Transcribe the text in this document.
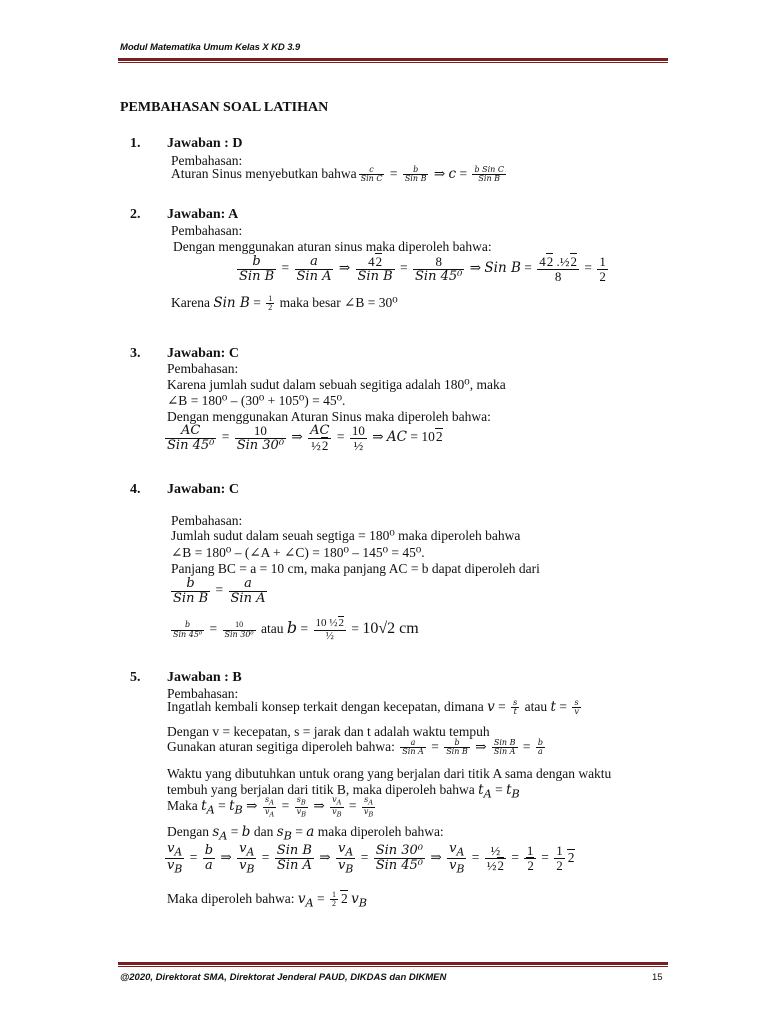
Modul Matematika Umum Kelas X KD 3.9
PEMBAHASAN SOAL LATIHAN
1. Jawaban : D
Pembahasan:
Aturan Sinus menyebutkan bahwa $\frac{c}{\text{Sin C}} = \frac{b}{\text{Sin B}}$ ⇒ $c = \frac{\text{b Sin C}}{\text{Sin B}}$
2. Jawaban: A
Pembahasan:
Dengan menggunakan aturan sinus maka diperoleh bahwa:
$\frac{b}{\text{Sin B}} = \frac{a}{\text{Sin A}}$ ⇒ $\frac{42}{\text{Sin B}} = \frac{8}{\text{Sin 45⁰}}$ ⇒ Sin $B = \frac{\text{42 .½2}}{8} = \frac{1}{2}$
Karena Sin $B = \frac{1}{2}$ maka besar ∠B = 30⁰
3. Jawaban: C
Pembahasan:
Karena jumlah sudut dalam sebuah segitiga adalah 180⁰, maka
∠B = 180⁰ – (30⁰ + 105⁰) = 45⁰.
Dengan menggunakan Aturan Sinus maka diperoleh bahwa:
$\frac{AC}{\text{Sin 45⁰}} = \frac{10}{\text{Sin 30⁰}}$ ⇒ $\frac{AC}{\text{½2}} = \frac{10}{\text{½}}$ ⇒ AC = 102
4. Jawaban: C
Pembahasan:
Jumlah sudut dalam seuah segtiga = 180⁰ maka diperoleh bahwa
∠B = 180⁰ – (∠A + ∠C) = 180⁰ – 145⁰ = 45⁰.
Panjang BC = a = 10 cm, maka panjang AC = b dapat diperoleh dari
$\frac{b}{\text{Sin B}} = \frac{a}{\text{Sin A}}$
$\frac{b}{\text{Sin 45⁰}} = \frac{10}{\text{Sin 30⁰}}$ atau $b = \frac{\text{10 ½2}}{\text{½}} = 10√2$ cm
5. Jawaban : B
Pembahasan:
Ingatlah kembali konsep terkait dengan kecepatan, dimana $v = \frac{s}{t}$ atau $t = \frac{s}{v}$
Dengan v = kecepatan, s = jarak dan t adalah waktu tempuh
Gunakan aturan segitiga diperoleh bahwa: $\frac{a}{\text{Sin A}} = \frac{b}{\text{Sin B}}$ ⇒ $\frac{\text{Sin B}}{\text{Sin A}} = \frac{b}{a}$
Waktu yang dibutuhkan untuk orang yang berjalan dari titik A sama dengan waktu
tembuh yang berjalan dari titik B, maka diperoleh bahwa $t_A = t_B$
Maka $t_A = t_B$ ⇒ $\frac{s_A}{v_A} = \frac{s_B}{v_B}$ ⇒ $\frac{v_A}{v_B} = \frac{s_A}{v_B}$
Dengan $s_A = b$ dan $s_B = a$ maka diperoleh bahwa:
$\frac{v_A}{v_B} = \frac{b}{a}$ ⇒ $\frac{v_A}{v_B} = \frac{\text{Sin B}}{\text{Sin A}}$ ⇒ $\frac{v_A}{v_B} = \frac{\text{Sin 30⁰}}{\text{Sin 45⁰}}$ ⇒ $\frac{v_A}{v_B} = \frac{\text{½}}{\text{½2}} = \frac{1}{2} = \frac{1}{2} 2$
Maka diperoleh bahwa: $v_A = \frac{1}{2} 2$ $v_B$
@2020, Direktorat SMA, Direktorat Jenderal PAUD, DIKDAS dan DIKMEN	15
